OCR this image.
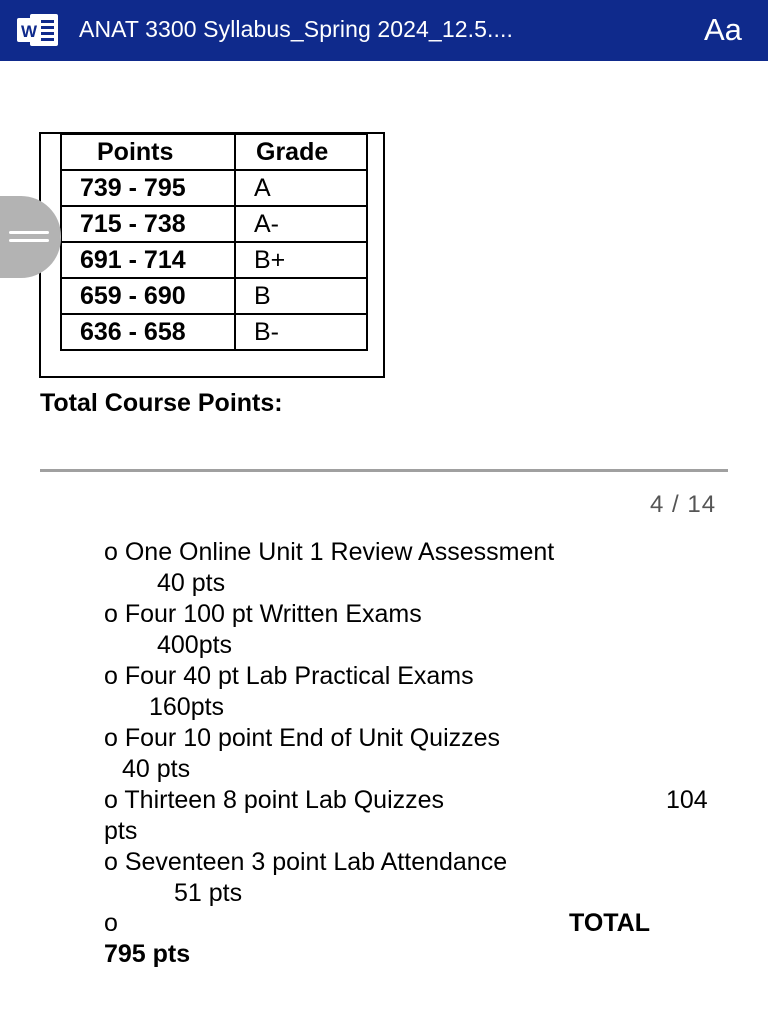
W ANAT 3300 Syllabus_Spring 2024_12.5....	Aa
Points	Grade
739 - 795	A
715 - 738	A-
691 - 714	B+
659 - 690	B
636 - 658	B-
Total Course Points:
4 / 14
o One Online Unit 1 Review Assessment
40 pts
o Four 100 pt Written Exams
400pts
o Four 40 pt Lab Practical Exams
160pts
o Four 10 point End of Unit Quizzes
40 pts
o Thirteen 8 point Lab Quizzes	104
pts
o Seventeen 3 point Lab Attendance
51 pts
o	TOTAL
795 pts
